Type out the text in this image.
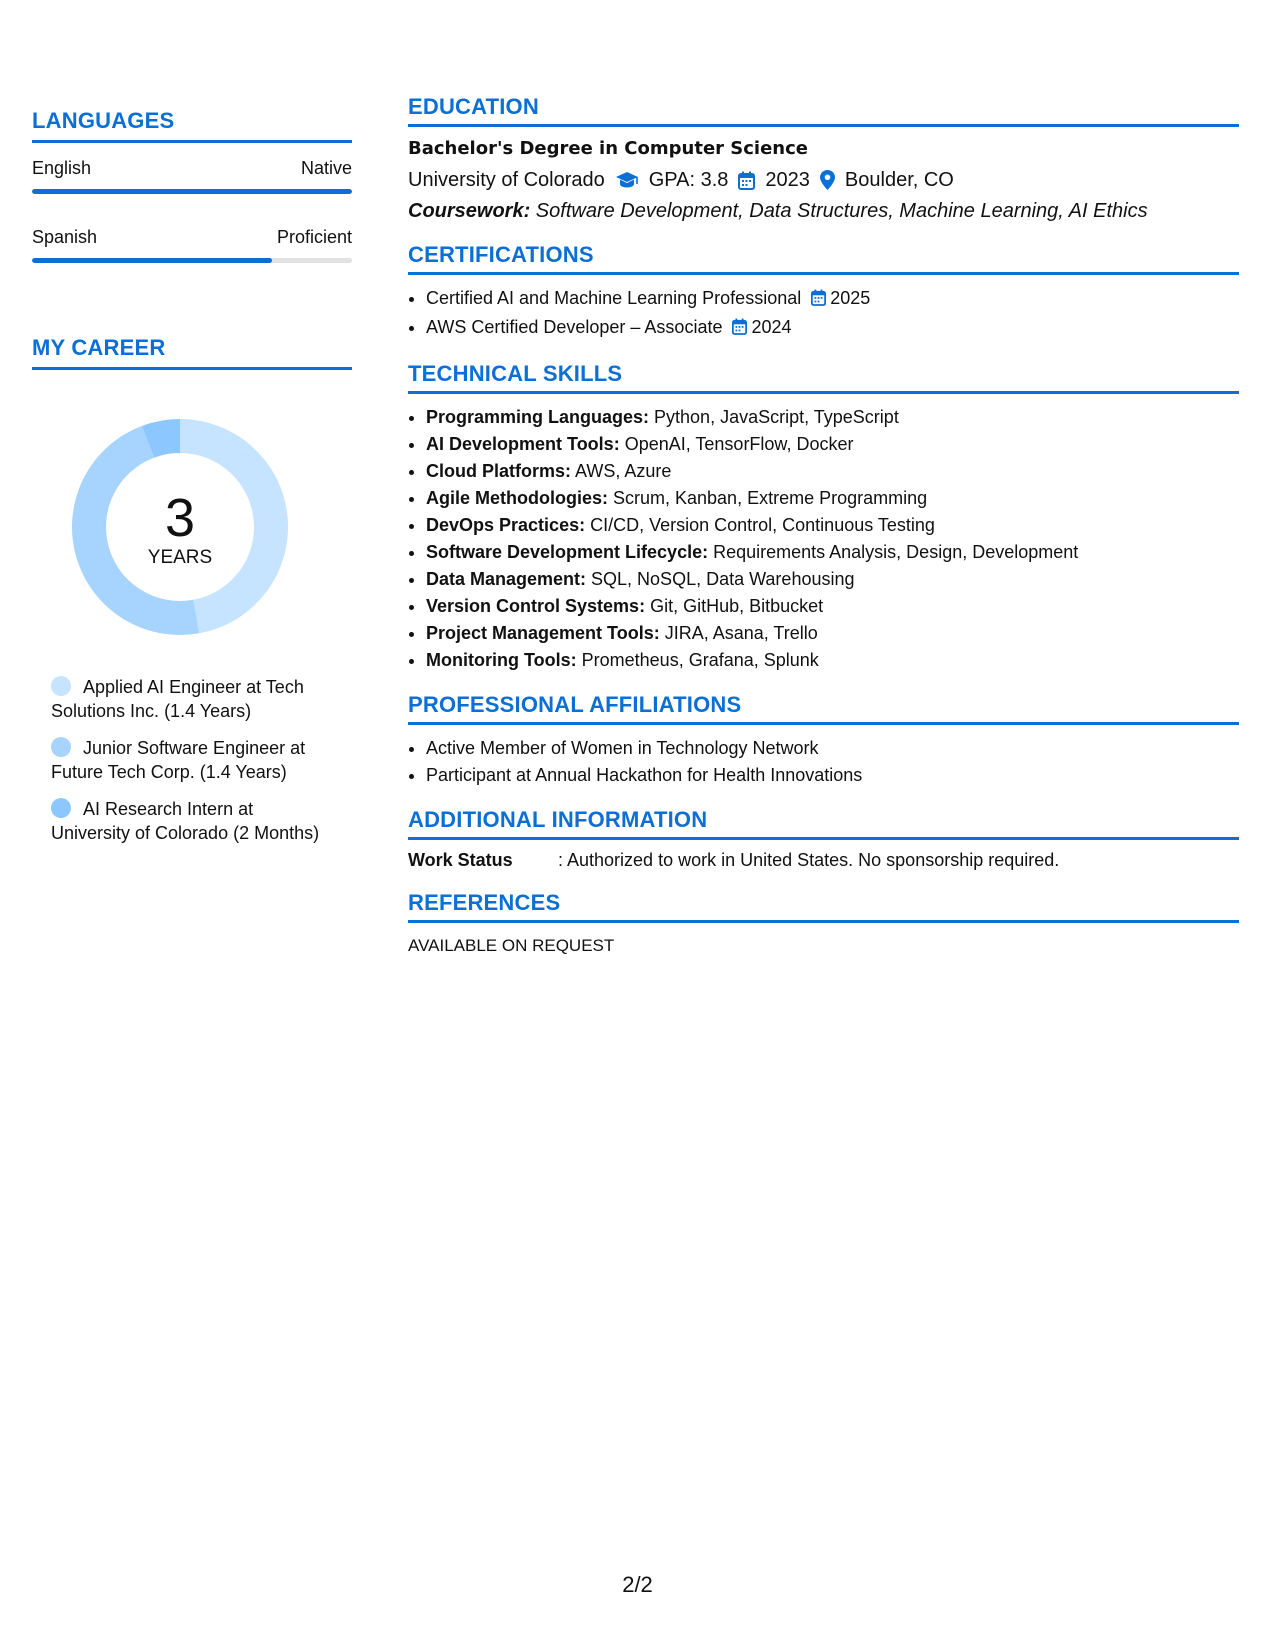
LANGUAGES
English	Native
Spanish	Proficient
MY CAREER
3
YEARS
Applied AI Engineer at Tech Solutions Inc. (1.4 Years)
Junior Software Engineer at Future Tech Corp. (1.4 Years)
AI Research Intern at University of Colorado (2 Months)
EDUCATION
Bachelor's Degree in Computer Science
University of Colorado GPA: 3.8 2023 Boulder, CO
Coursework: Software Development, Data Structures, Machine Learning, AI Ethics
CERTIFICATIONS
• Certified AI and Machine Learning Professional 2025
• AWS Certified Developer – Associate 2024
TECHNICAL SKILLS
• Programming Languages: Python, JavaScript, TypeScript
• AI Development Tools: OpenAI, TensorFlow, Docker
• Cloud Platforms: AWS, Azure
• Agile Methodologies: Scrum, Kanban, Extreme Programming
• DevOps Practices: CI/CD, Version Control, Continuous Testing
• Software Development Lifecycle: Requirements Analysis, Design, Development
• Data Management: SQL, NoSQL, Data Warehousing
• Version Control Systems: Git, GitHub, Bitbucket
• Project Management Tools: JIRA, Asana, Trello
• Monitoring Tools: Prometheus, Grafana, Splunk
PROFESSIONAL AFFILIATIONS
• Active Member of Women in Technology Network
• Participant at Annual Hackathon for Health Innovations
ADDITIONAL INFORMATION
Work Status	: Authorized to work in United States. No sponsorship required.
REFERENCES
AVAILABLE ON REQUEST
2/2
